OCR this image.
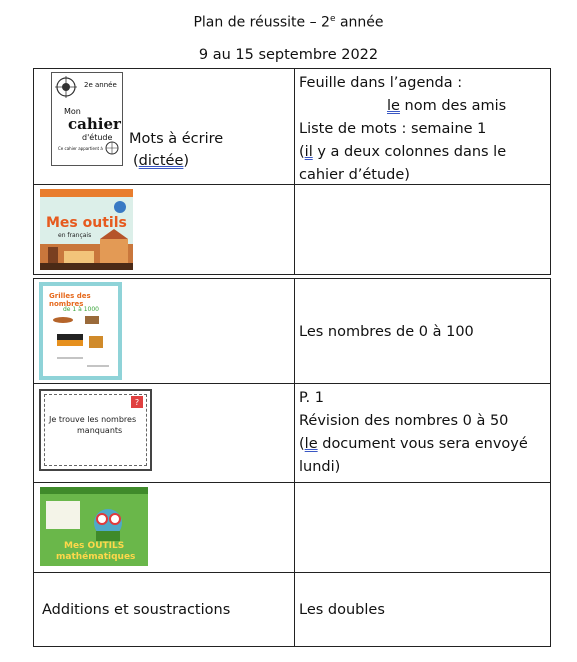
Plan de réussite – 2e année
9 au 15 septembre 2022
2e année
Mon
cahier
d'étude
Ce cahier appartient à
Mots à écrire
(dictée)
Feuille dans l’agenda :
le nom des amis
Liste de mots : semaine 1
(il y a deux colonnes dans le
cahier d’étude)
Mes outils
en français
Grilles des nombres
de 1 à 1000
Les nombres de 0 à 100
Je trouve les nombres
manquants
?	P. 1
Révision des nombres 0 à 50
(le document vous sera envoyé
lundi)
Mes OUTILS
mathématiques
Additions et soustractions	Les doubles
